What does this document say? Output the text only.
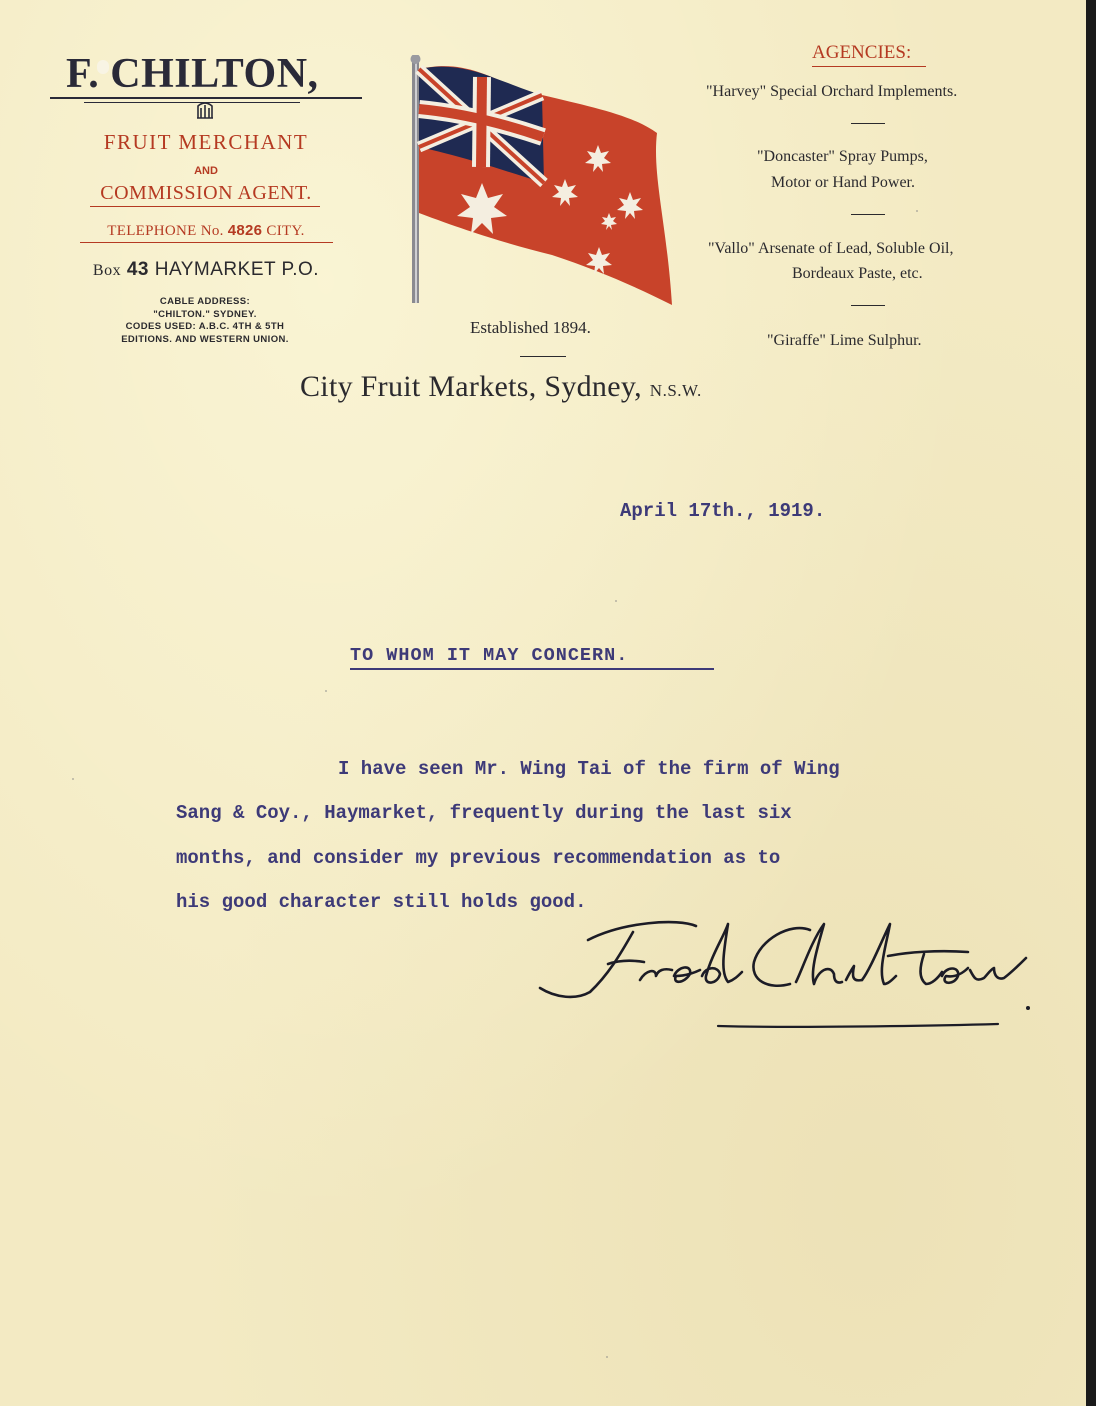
F. CHILTON,
FRUIT MERCHANT
AND
COMMISSION AGENT.
TELEPHONE No. 4826 CITY.
Box 43 HAYMARKET P.O.
CABLE ADDRESS:
"CHILTON." SYDNEY.
CODES USED: A.B.C. 4TH & 5TH
EDITIONS. AND WESTERN UNION.
Established 1894.
AGENCIES:
"Harvey" Special Orchard Implements.
"Doncaster" Spray Pumps,
Motor or Hand Power.
"Vallo" Arsenate of Lead, Soluble Oil,
Bordeaux Paste, etc.
"Giraffe" Lime Sulphur.
City Fruit Markets, Sydney, N.S.W.
April 17th., 1919.
TO WHOM IT MAY CONCERN.
I have seen Mr. Wing Tai of the firm of Wing
Sang & Coy., Haymarket, frequently during the last six
months, and consider my previous recommendation as to
his good character still holds good.
